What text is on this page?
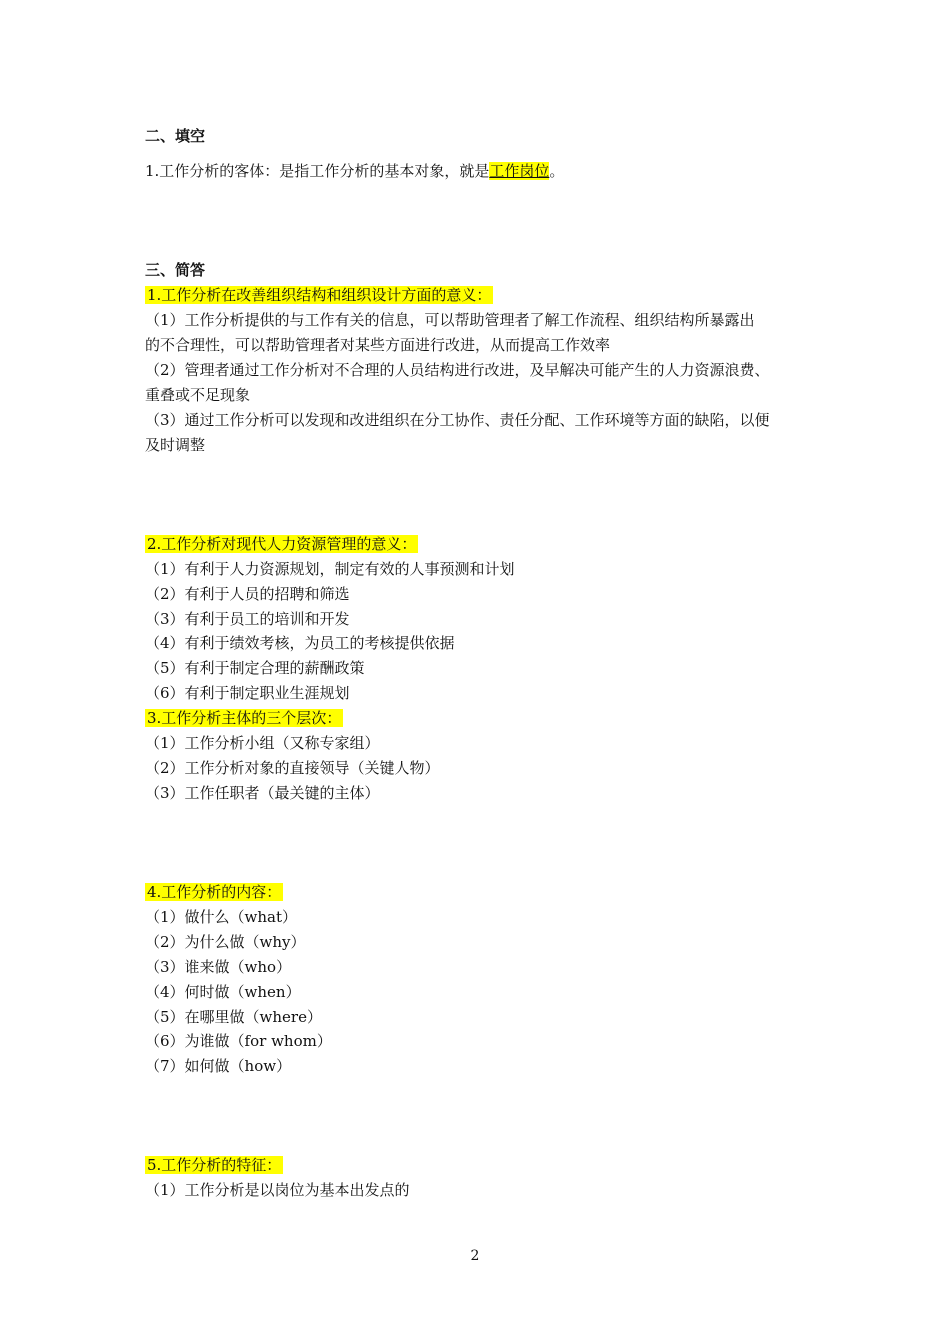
二、填空
1.工作分析的客体：是指工作分析的基本对象，就是工作岗位。
三、简答
1.工作分析在改善组织结构和组织设计方面的意义：
（1）工作分析提供的与工作有关的信息，可以帮助管理者了解工作流程、组织结构所暴露出
的不合理性，可以帮助管理者对某些方面进行改进，从而提高工作效率
（2）管理者通过工作分析对不合理的人员结构进行改进，及早解决可能产生的人力资源浪费、
重叠或不足现象
（3）通过工作分析可以发现和改进组织在分工协作、责任分配、工作环境等方面的缺陷，以便
及时调整
2.工作分析对现代人力资源管理的意义：
（1）有利于人力资源规划，制定有效的人事预测和计划
（2）有利于人员的招聘和筛选
（3）有利于员工的培训和开发
（4）有利于绩效考核，为员工的考核提供依据
（5）有利于制定合理的薪酬政策
（6）有利于制定职业生涯规划
3.工作分析主体的三个层次：
（1）工作分析小组（又称专家组）
（2）工作分析对象的直接领导（关键人物）
（3）工作任职者（最关键的主体）
4.工作分析的内容：
（1）做什么（what）
（2）为什么做（why）
（3）谁来做（who）
（4）何时做（when）
（5）在哪里做（where）
（6）为谁做（for whom）
（7）如何做（how）
5.工作分析的特征：
（1）工作分析是以岗位为基本出发点的
2
